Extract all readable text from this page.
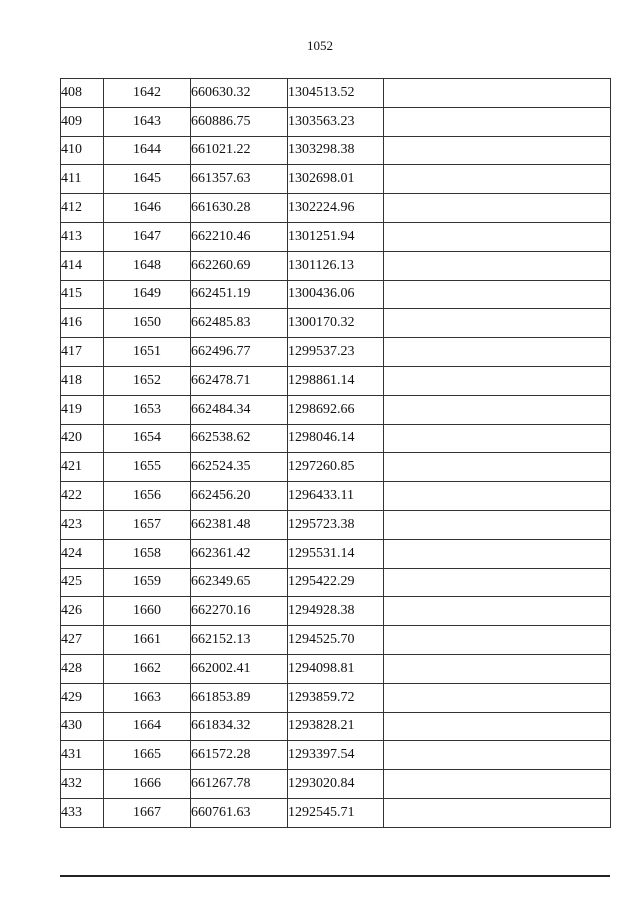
1052
408	1642	660630.32	1304513.52	
409	1643	660886.75	1303563.23	
410	1644	661021.22	1303298.38	
411	1645	661357.63	1302698.01	
412	1646	661630.28	1302224.96	
413	1647	662210.46	1301251.94	
414	1648	662260.69	1301126.13	
415	1649	662451.19	1300436.06	
416	1650	662485.83	1300170.32	
417	1651	662496.77	1299537.23	
418	1652	662478.71	1298861.14	
419	1653	662484.34	1298692.66	
420	1654	662538.62	1298046.14	
421	1655	662524.35	1297260.85	
422	1656	662456.20	1296433.11	
423	1657	662381.48	1295723.38	
424	1658	662361.42	1295531.14	
425	1659	662349.65	1295422.29	
426	1660	662270.16	1294928.38	
427	1661	662152.13	1294525.70	
428	1662	662002.41	1294098.81	
429	1663	661853.89	1293859.72	
430	1664	661834.32	1293828.21	
431	1665	661572.28	1293397.54	
432	1666	661267.78	1293020.84	
433	1667	660761.63	1292545.71	
